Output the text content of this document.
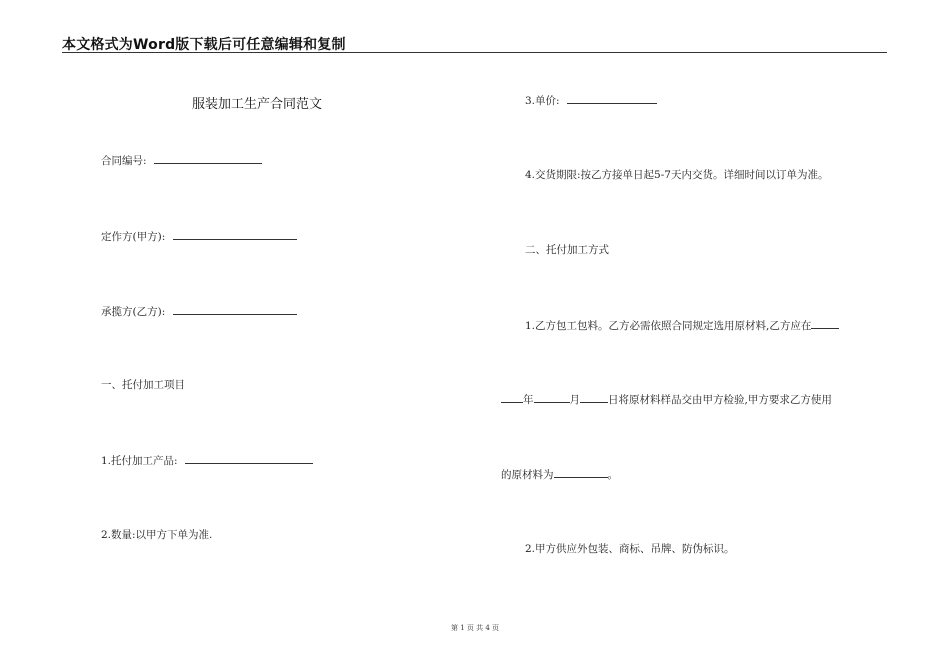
本文格式为Word版下载后可任意编辑和复制
服装加工生产合同范文
合同编号:
定作方(甲方):
承揽方(乙方):
一、托付加工项目
1.托付加工产品:
2.数量:以甲方下单为准.
3.单价:
4.交货期限:按乙方接单日起5-7天内交货。详细时间以订单为准。
二、托付加工方式
1.乙方包工包料。乙方必需依照合同规定选用原材料,乙方应在
年	月	日将原材料样品交由甲方检验,甲方要求乙方使用
的原材料为	。
2.甲方供应外包装、商标、吊牌、防伪标识。
第 1 页 共 4 页
